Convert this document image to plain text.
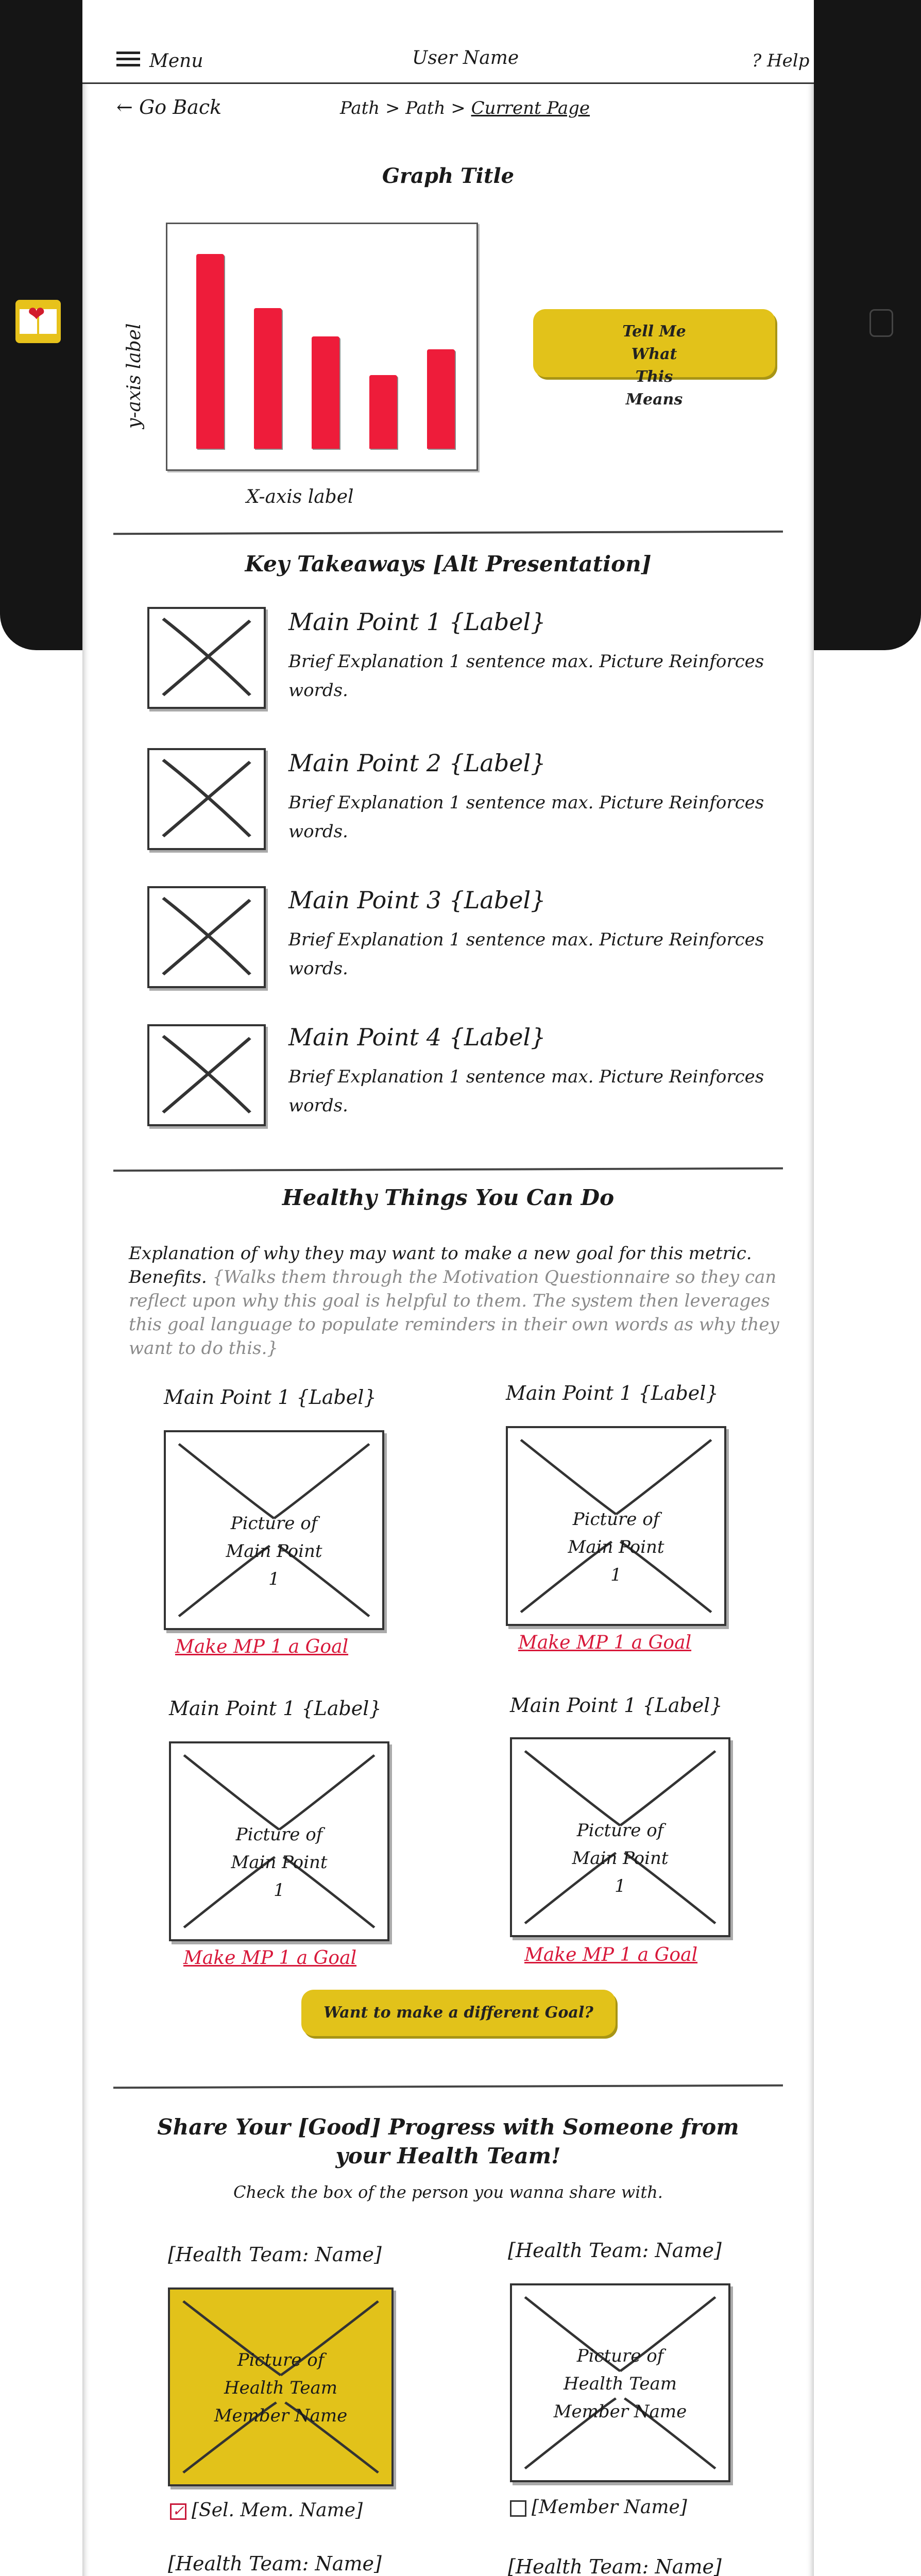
❤
Menu	User Name	? Help
← Go Back	Path > Path > Current Page
Graph Title
y-axis label
X-axis label
Tell Me What This Means
Key Takeaways [Alt Presentation]
Main Point 1 {Label}
Brief Explanation 1 sentence max. Picture Reinforces words.
Main Point 2 {Label}
Brief Explanation 1 sentence max. Picture Reinforces words.
Main Point 3 {Label}
Brief Explanation 1 sentence max. Picture Reinforces words.
Main Point 4 {Label}
Brief Explanation 1 sentence max. Picture Reinforces words.
Healthy Things You Can Do
Explanation of why they may want to make a new goal for this metric. Benefits. {Walks them through the Motivation Questionnaire so they can reflect upon why this goal is helpful to them. The system then leverages this goal language to populate reminders in their own words as why they want to do this.}
Main Point 1 {Label}
Picture of Main Point 1
Make MP 1 a Goal
Main Point 1 {Label}
Picture of Main Point 1
Make MP 1 a Goal
Main Point 1 {Label}
Picture of Main Point 1
Make MP 1 a Goal
Main Point 1 {Label}
Picture of Main Point 1
Make MP 1 a Goal
Want to make a different Goal?
Share Your [Good] Progress with Someone from
your Health Team!
Check the box of the person you wanna share with.
[Health Team: Name]
Picture of Health Team Member Name
✓ [Sel. Mem. Name]
[Health Team: Name]
Picture of Health Team Member Name
[Member Name]
[Health Team: Name]	[Health Team: Name]
